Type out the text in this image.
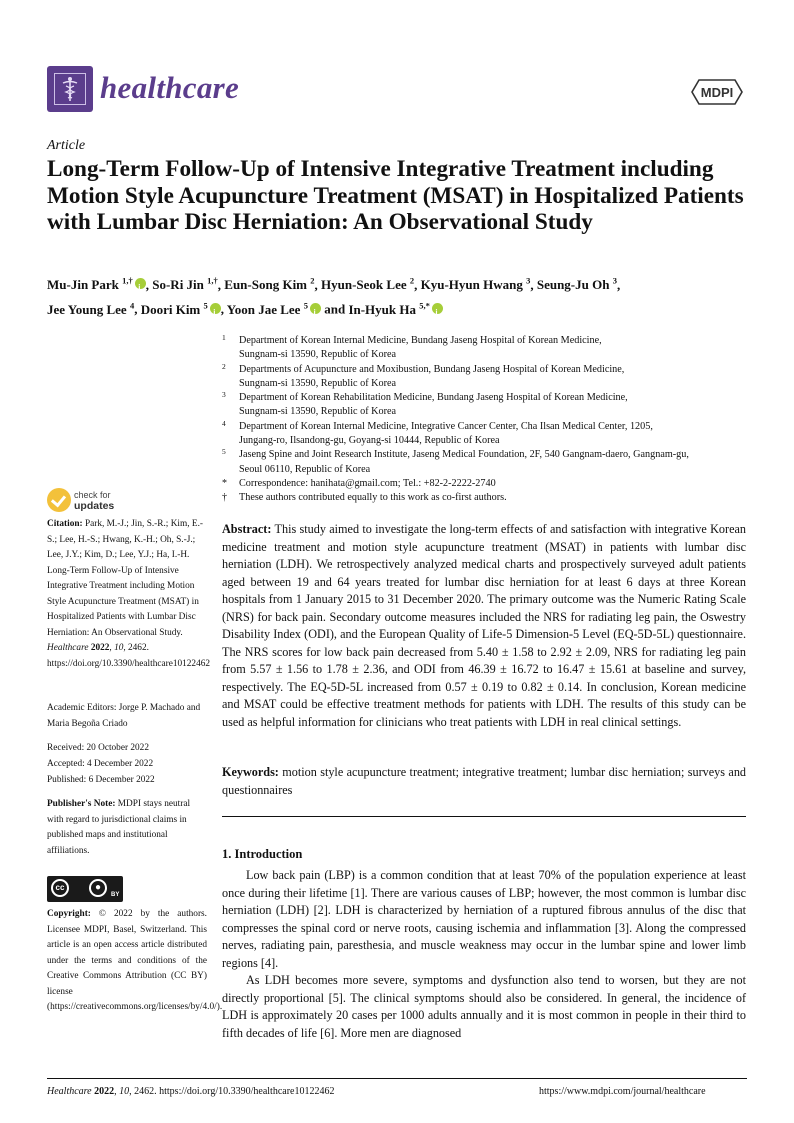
healthcare	MDPI
Article
Long-Term Follow-Up of Intensive Integrative Treatment including Motion Style Acupuncture Treatment (MSAT) in Hospitalized Patients with Lumbar Disc Herniation: An Observational Study
Mu-Jin Park $^{1,\dagger}$ i , So-Ri Jin $^{1,\dagger}$, Eun-Song Kim $^2$, Hyun-Seok Lee $^2$, Kyu-Hyun Hwang $^3$, Seung-Ju Oh $^3$,
Jee Young Lee $^4$, Doori Kim $^5$ i , Yoon Jae Lee $^5$i and In-Hyuk Ha $^{5,*}$i
1 Department of Korean Internal Medicine, Bundang Jaseng Hospital of Korean Medicine,
Sungnam-si 13590, Republic of Korea
2 Departments of Acupuncture and Moxibustion, Bundang Jaseng Hospital of Korean Medicine,
Sungnam-si 13590, Republic of Korea
3 Department of Korean Rehabilitation Medicine, Bundang Jaseng Hospital of Korean Medicine,
Sungnam-si 13590, Republic of Korea
4 Department of Korean Internal Medicine, Integrative Cancer Center, Cha Ilsan Medical Center, 1205,
Jungang-ro, Ilsandong-gu, Goyang-si 10444, Republic of Korea
5 Jaseng Spine and Joint Research Institute, Jaseng Medical Foundation, 2F, 540 Gangnam-daero, Gangnam-gu,
Seoul 06110, Republic of Korea
* Correspondence: hanihata@gmail.com; Tel.: +82-2-2222-2740
† These authors contributed equally to this work as co-first authors.
check for
updates
Citation: Park, M.-J.; Jin, S.-R.; Kim, E.-S.; Lee, H.-S.; Hwang, K.-H.; Oh, S.-J.; Lee, J.Y.; Kim, D.; Lee, Y.J.; Ha, I.-H. Long-Term Follow-Up of Intensive Integrative Treatment including Motion Style Acupuncture Treatment (MSAT) in Hospitalized Patients with Lumbar Disc Herniation: An Observational Study. Healthcare 2022, 10, 2462. https://doi.org/10.3390/healthcare10122462
Academic Editors: Jorge P. Machado and Maria Begoña Criado
Received: 20 October 2022
Accepted: 4 December 2022
Published: 6 December 2022
Publisher's Note: MDPI stays neutral with regard to jurisdictional claims in published maps and institutional affiliations.
cc	●
BY
Copyright: © 2022 by the authors. Licensee MDPI, Basel, Switzerland. This article is an open access article distributed under the terms and conditions of the Creative Commons Attribution (CC BY) license (https://creativecommons.org/licenses/by/4.0/).
Abstract: This study aimed to investigate the long-term effects of and satisfaction with integrative Korean medicine treatment and motion style acupuncture treatment (MSAT) in patients with lumbar disc herniation (LDH). We retrospectively analyzed medical charts and prospectively surveyed adult patients aged between 19 and 64 years treated for lumbar disc herniation for at least 6 days at three Korean hospitals from 1 January 2015 to 31 December 2020. The primary outcome was the Numeric Rating Scale (NRS) for back pain. Secondary outcome measures included the NRS for radiating leg pain, the Oswestry Disability Index (ODI), and the European Quality of Life-5 Dimension-5 Level (EQ-5D-5L) questionnaire. The NRS scores for low back pain decreased from 5.40 ± 1.58 to 2.92 ± 2.09, NRS for radiating leg pain from 5.57 ± 1.56 to 1.78 ± 2.36, and ODI from 46.39 ± 16.72 to 16.47 ± 15.61 at baseline and survey, respectively. The EQ-5D-5L increased from 0.57 ± 0.19 to 0.82 ± 0.14. In conclusion, Korean medicine and MSAT could be effective treatment methods for patients with LDH. The results of this study can be used as helpful information for clinicians who treat patients with LDH in real clinical settings.
Keywords: motion style acupuncture treatment; integrative treatment; lumbar disc herniation; surveys and questionnaires
1. Introduction

Low back pain (LBP) is a common condition that at least 70% of the population experience at least once during their lifetime [1]. There are various causes of LBP; however, the most common is lumbar disc herniation (LDH) [2]. LDH is characterized by herniation of a ruptured fibrous annulus of the disc that compresses the spinal cord or nerve roots, causing ischemia and inflammation [3]. Along the compressed nerves, radiating pain, paresthesia, and muscle weakness may occur in the lumbar spine and lower limb regions [4].

As LDH becomes more severe, symptoms and dysfunction also tend to worsen, but they are not directly proportional [5]. The clinical symptoms should also be considered. In general, the incidence of LDH is approximately 20 cases per 1000 adults annually and it is most common in people in their third to fifth decades of life [6]. More men are diagnosed

Healthcare 2022, 10, 2462. https://doi.org/10.3390/healthcare10122462	https://www.mdpi.com/journal/healthcare
